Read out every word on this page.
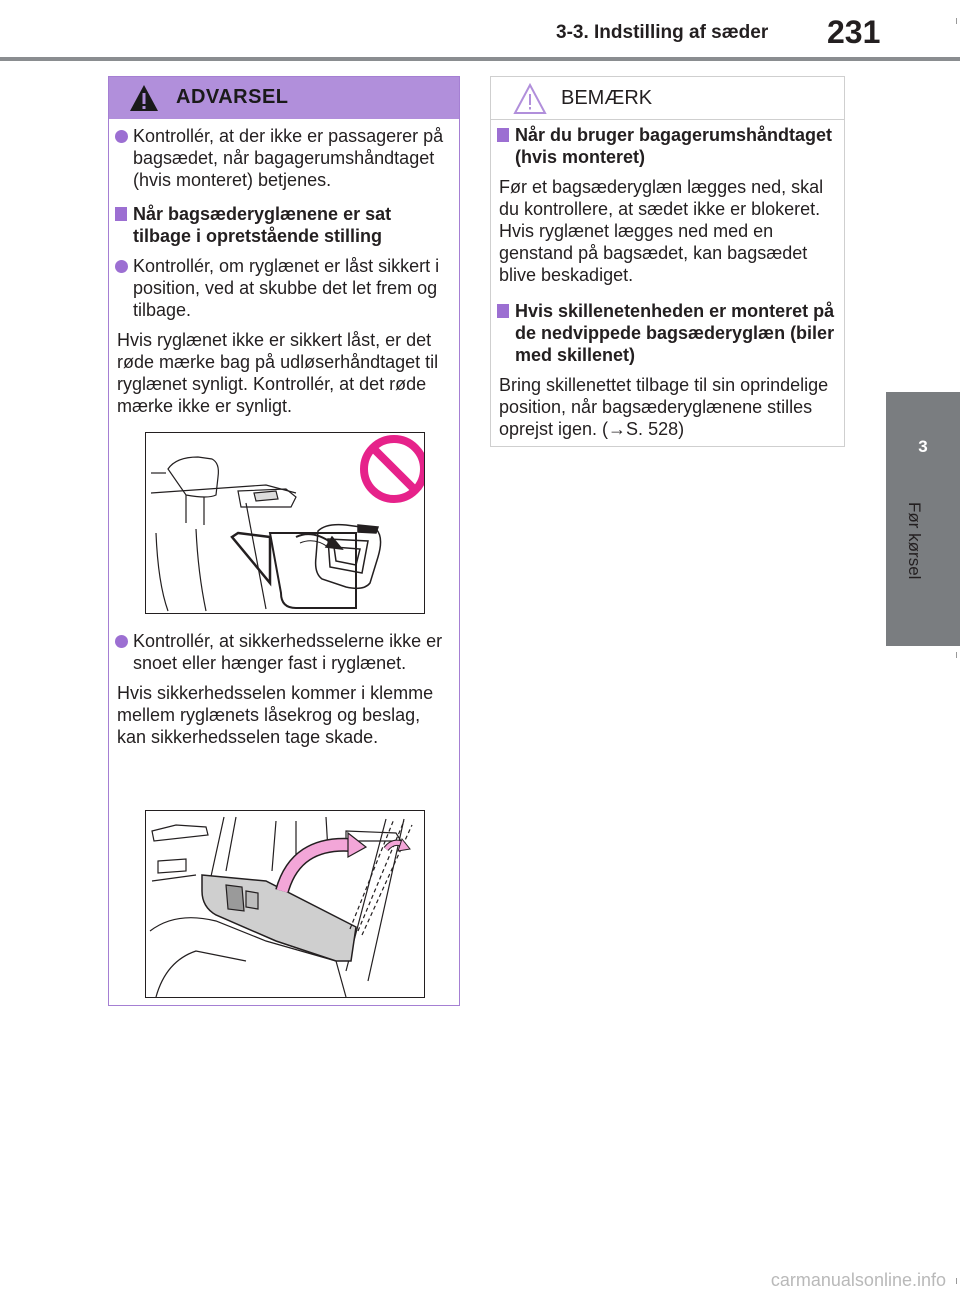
3-3. Indstilling af sæder 231
3
Før kørsel
ADVARSEL
Kontrollér, at der ikke er passagerer på bagsædet, når bagagerumshåndtaget (hvis monteret) betjenes.
Når bagsæderyglænene er sat tilbage i opretstående stilling
Kontrollér, om ryglænet er låst sikkert i position, ved at skubbe det let frem og tilbage.
Hvis ryglænet ikke er sikkert låst, er det røde mærke bag på udløserhåndtaget til ryglænet synligt. Kontrollér, at det røde mærke ikke er synligt.
Kontrollér, at sikkerhedsselerne ikke er snoet eller hænger fast i ryglænet.
Hvis sikkerhedsselen kommer i klemme mellem ryglænets låsekrog og beslag, kan sikkerhedsselen tage skade.
BEMÆRK
Når du bruger bagagerumshåndtaget (hvis monteret)
Før et bagsæderyglæn lægges ned, skal du kontrollere, at sædet ikke er blokeret. Hvis ryglænet lægges ned med en genstand på bagsædet, kan bagsædet blive beskadiget.
Hvis skillenetenheden er monteret på de nedvippede bagsæderyglæn (biler med skillenet)
Bring skillenettet tilbage til sin oprindelige position, når bagsæderyglænene stilles oprejst igen. (→S. 528)
carmanualsonline.info
